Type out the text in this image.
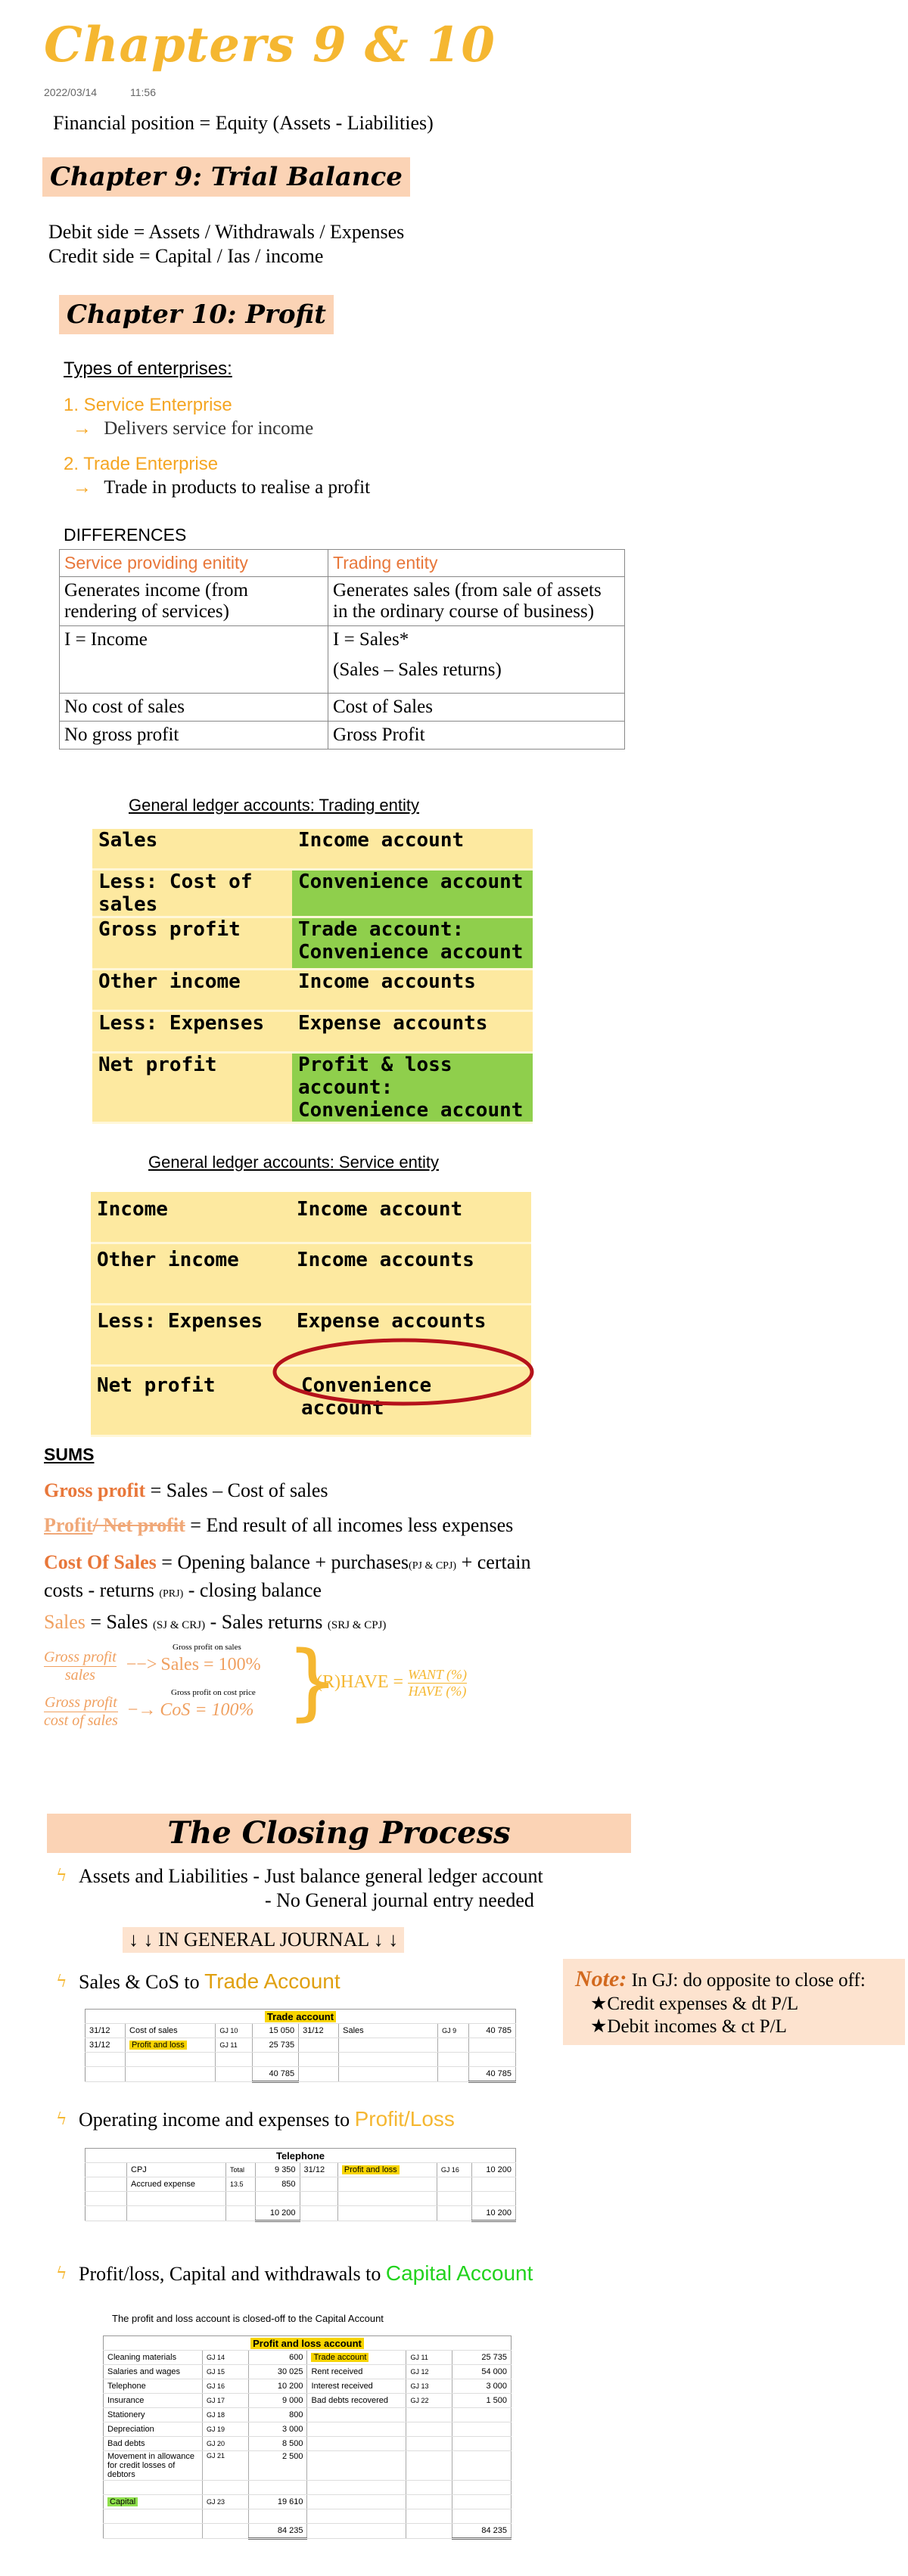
Chapters 9 & 10
2022/03/14	11:56
Financial position = Equity (Assets - Liabilities)
Chapter 9: Trial Balance
Debit side = Assets / Withdrawals / Expenses
Credit side = Capital / Ias / income
Chapter 10: Profit
Types of enterprises:
1. Service Enterprise
→ Delivers service for income
2. Trade Enterprise
→ Trade in products to realise a profit
DIFFERENCES
Service providing enitity	Trading entity
Generates income (from rendering of services)	Generates sales (from sale of assets in the ordinary course of business)
I = Income	I = Sales*
(Sales – Sales returns)

No cost of sales	Cost of Sales
No gross profit	Gross Profit
General ledger accounts: Trading entity
Sales	Income account
Less: Cost of sales	Convenience account
Gross profit	Trade account: Convenience account
Other income	Income accounts
Less: Expenses	Expense accounts
Net profit	Profit & loss account: Convenience account
General ledger accounts: Service entity
Income	Income account
Other income	Income accounts
Less: Expenses	Expense accounts
Net profit	Convenience account
SUMS
Gross profit = Sales – Cost of sales
Profit/ Net profit = End result of all incomes less expenses
Cost Of Sales = Opening balance + purchases(PJ & CPJ) + certain
costs - returns (PRJ) - closing balance
Sales = Sales (SJ & CRJ) - Sales returns (SRJ & CPJ)
$\frac{\text{Gross profit}}{\text{sales}}$ −−> Sales = 100%
Gross profit on sales
$\frac{\text{Gross profit}}{\text{cost of sales}}$ −→ CoS = 100%
Gross profit on cost price }
(R)HAVE = $\frac{\text{WANT (\%)}}{\text{HAVE (\%)}}$
The Closing Process
ϟ Assets and Liabilities - Just balance general ledger account
- No General journal entry needed
↓ ↓ IN GENERAL JOURNAL ↓ ↓
ϟ Sales & CoS to Trade Account
Trade account							
31/12	Cost of sales	GJ 10	15 050	31/12	Sales	GJ 9	40 785
31/12	Profit and loss	GJ 11	25 735				

			40 785				40 785
Note: In GJ: do opposite to close off:
★Credit expenses & dt P/L
★Debit incomes & ct P/L
ϟ Operating income and expenses to Profit/Loss
Telephone							
	CPJ	Total	9 350	31/12	Profit and loss	GJ 16	10 200
	Accrued expense	13.5	850				

			10 200				10 200
ϟ Profit/loss, Capital and withdrawals to Capital Account
The profit and loss account is closed-off to the Capital Account
Profit and loss account					
Cleaning materials	GJ 14	600	Trade account	GJ 11	25 735
Salaries and wages	GJ 15	30 025	Rent received	GJ 12	54 000
Telephone	GJ 16	10 200	Interest received	GJ 13	3 000
Insurance	GJ 17	9 000	Bad debts recovered	GJ 22	1 500
Stationery	GJ 18	800			
Depreciation	GJ 19	3 000			
Bad debts	GJ 20	8 500			
Movement in allowance for credit losses of debtors	GJ 21	2 500			

Capital	GJ 23	19 610			

		84 235			84 235
